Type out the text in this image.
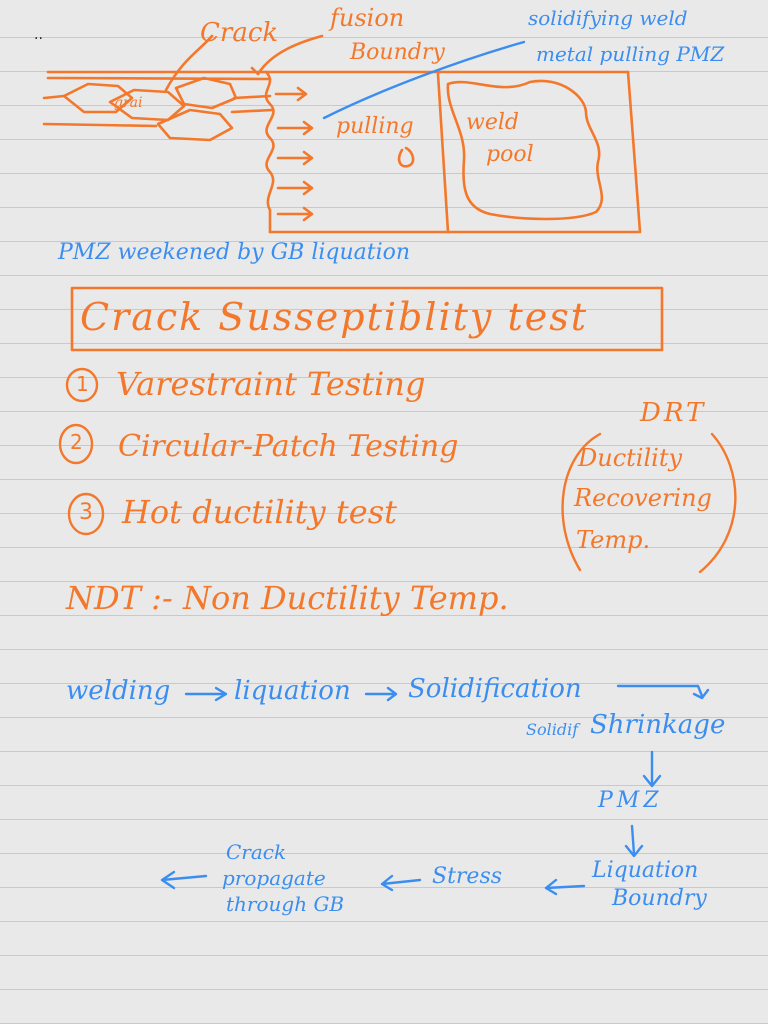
..	Crack fusion
Boundry
solidifying weld
metal pulling PMZ
grai
pulling weld
pool
PMZ weekened by GB liquation
Crack Susseptiblity test
1 Varestraint Testing
2 Circular-Patch Testing
3 Hot ductility test
DRT
Ductility
Recovering
Temp.
NDT :- Non Ductility Temp.
welding liquation Solidification
Solidif Shrinkage
PMZ
Liquation
Boundry
Stress
Crack
propagate
through GB
